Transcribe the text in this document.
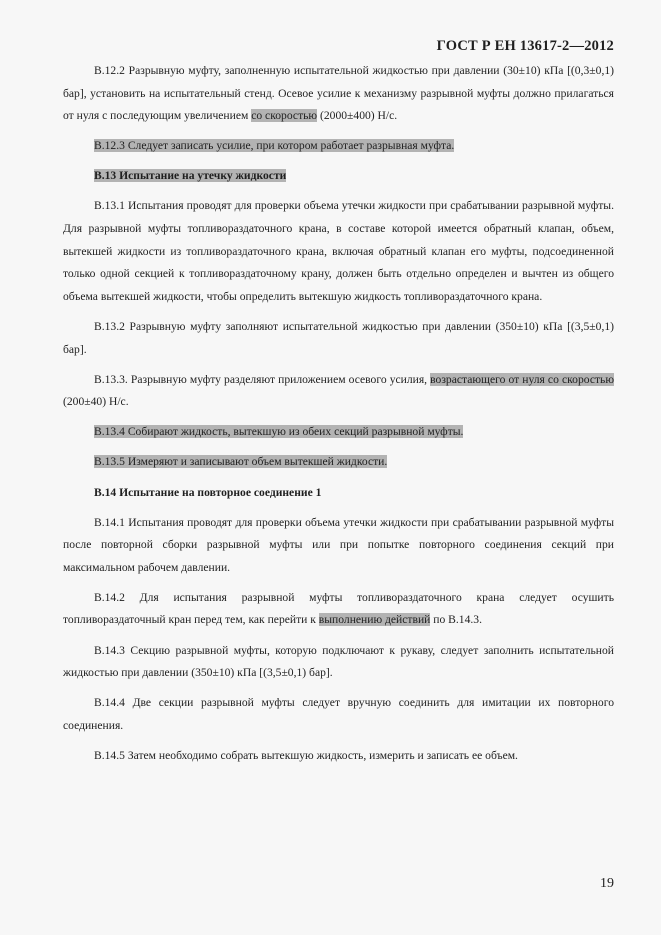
ГОСТ Р ЕН 13617-2—2012

B.12.2 Разрывную муфту, заполненную испытательной жидкостью при давлении (30±10) кПа [(0,3±0,1) бар], установить на испытательный стенд. Осевое усилие к механизму разрывной муфты должно прилагаться от нуля с последующим увеличением со скоростью (2000±400) Н/с.

B.12.3 Следует записать усилие, при котором работает разрывная муфта.

B.13 Испытание на утечку жидкости

B.13.1 Испытания проводят для проверки объема утечки жидкости при срабатывании разрывной муфты. Для разрывной муфты топливораздаточного крана, в составе которой имеется обратный клапан, объем, вытекшей жидкости из топливораздаточного крана, включая обратный клапан его муфты, подсоединенной только одной секцией к топливораздаточному крану, должен быть отдельно определен и вычтен из общего объема вытекшей жидкости, чтобы определить вытекшую жидкость топливораздаточного крана.

B.13.2 Разрывную муфту заполняют испытательной жидкостью при давлении (350±10) кПа [(3,5±0,1) бар].

B.13.3. Разрывную муфту разделяют приложением осевого усилия, возрастающего от нуля со скоростью (200±40) Н/с.

B.13.4 Собирают жидкость, вытекшую из обеих секций разрывной муфты.

B.13.5 Измеряют и записывают объем вытекшей жидкости.

B.14 Испытание на повторное соединение 1

B.14.1 Испытания проводят для проверки объема утечки жидкости при срабатывании разрывной муфты после повторной сборки разрывной муфты или при попытке повторного соединения секций при максимальном рабочем давлении.

B.14.2 Для испытания разрывной муфты топливораздаточного крана следует осушить топливораздаточный кран перед тем, как перейти к выполнению действий по B.14.3.

B.14.3 Секцию разрывной муфты, которую подключают к рукаву, следует заполнить испытательной жидкостью при давлении (350±10) кПа [(3,5±0,1) бар].

B.14.4 Две секции разрывной муфты следует вручную соединить для имитации их повторного соединения.

B.14.5 Затем необходимо собрать вытекшую жидкость, измерить и записать ее объем.

19
